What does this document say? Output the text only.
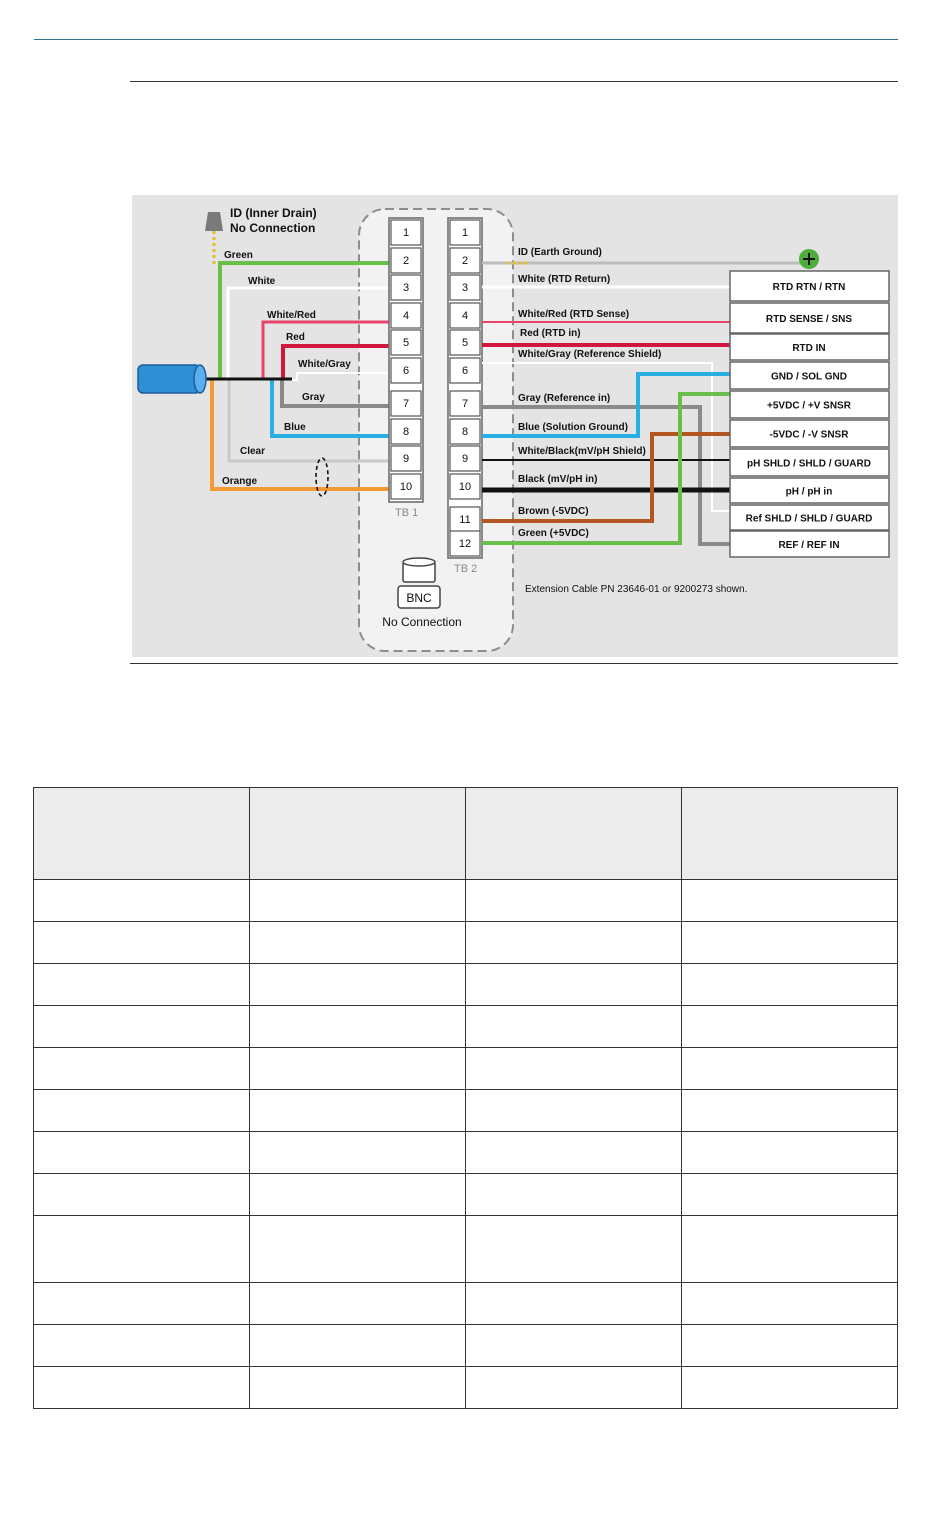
ID (Inner Drain)
No Connection
Green
White
White/Red
Red
White/Gray
Gray
Blue
Clear
Orange
1
2
3
4
5
6
7
8
9
10
TB 1
1
2
3
4
5
6
7
8
9
10
11
12
TB 2
ID (Earth Ground)
White (RTD Return)
White/Red (RTD Sense)
Red (RTD in)
White/Gray (Reference Shield)
Gray (Reference in)
Blue (Solution Ground)
White/Black(mV/pH Shield)
Black (mV/pH in)
Brown (-5VDC)
Green (+5VDC)
RTD RTN / RTN
RTD SENSE / SNS
RTD IN
GND / SOL GND
+5VDC / +V SNSR
-5VDC / -V SNSR
pH SHLD / SHLD / GUARD
pH / pH in
Ref SHLD / SHLD / GUARD
REF / REF IN
BNC
No Connection
Extension Cable PN 23646-01 or 9200273 shown.
